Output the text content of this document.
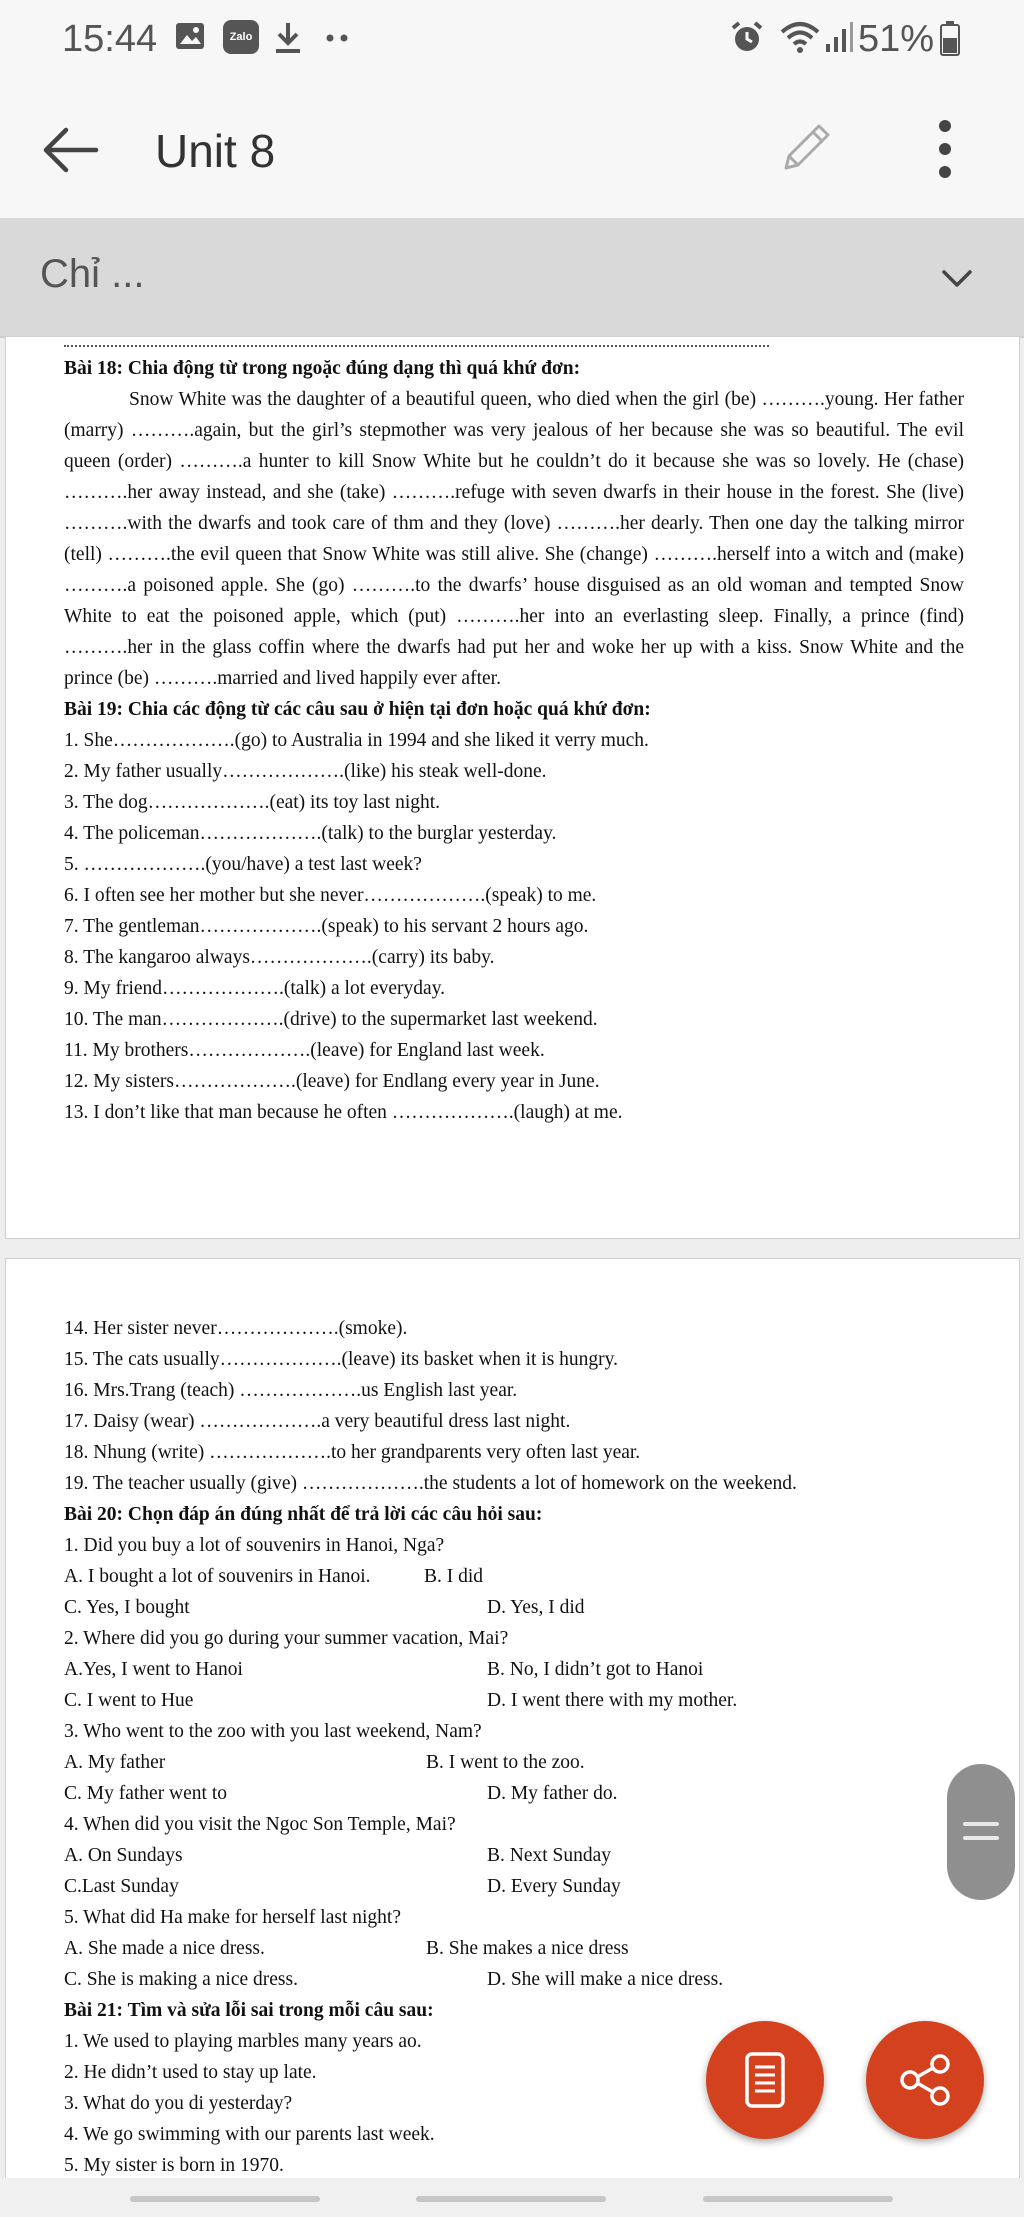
15:44	Zalo	51%
Unit 8
Chỉ ...
Bài 18: Chia động từ trong ngoặc đúng dạng thì quá khứ đơn:

Snow White was the daughter of a beautiful queen, who died when the girl (be) ……….young. Her father (marry) ……….again, but the girl’s stepmother was very jealous of her because she was so beautiful. The evil queen (order) ……….a hunter to kill Snow White but he couldn’t do it because she was so lovely. He (chase) ……….her away instead, and she (take) ……….refuge with seven dwarfs in their house in the forest. She (live) ……….with the dwarfs and took care of thm and they (love) ……….her dearly. Then one day the talking mirror (tell) ……….the evil queen that Snow White was still alive. She (change) ……….herself into a witch and (make) ……….a poisoned apple. She (go) ……….to the dwarfs’ house disguised as an old woman and tempted Snow White to eat the poisoned apple, which (put) ……….her into an everlasting sleep. Finally, a prince (find) ……….her in the glass coffin where the dwarfs had put her and woke her up with a kiss. Snow White and the prince (be) ……….married and lived happily ever after.

Bài 19: Chia các động từ các câu sau ở hiện tại đơn hoặc quá khứ đơn:
1. She……………….(go) to Australia in 1994 and she liked it verry much.
2. My father usually……………….(like) his steak well-done.
3. The dog……………….(eat) its toy last night.
4. The policeman……………….(talk) to the burglar yesterday.
5. ……………….(you/have) a test last week?
6. I often see her mother but she never……………….(speak) to me.
7. The gentleman……………….(speak) to his servant 2 hours ago.
8. The kangaroo always……………….(carry) its baby.
9. My friend……………….(talk) a lot everyday.
10. The man……………….(drive) to the supermarket last weekend.
11. My brothers……………….(leave) for England last week.
12. My sisters……………….(leave) for Endlang every year in June.
13. I don’t like that man because he often ……………….(laugh) at me.
14. Her sister never……………….(smoke).
15. The cats usually……………….(leave) its basket when it is hungry.
16. Mrs.Trang (teach) ……………….us English last year.
17. Daisy (wear) ……………….a very beautiful dress last night.
18. Nhung (write) ……………….to her grandparents very often last year.
19. The teacher usually (give) ……………….the students a lot of homework on the weekend.
Bài 20: Chọn đáp án đúng nhất để trả lời các câu hỏi sau:
1. Did you buy a lot of souvenirs in Hanoi, Nga?
A. I bought a lot of souvenirs in Hanoi.	B. I did
C. Yes, I bought	D. Yes, I did
2. Where did you go during your summer vacation, Mai?
A.Yes, I went to Hanoi	B. No, I didn’t got to Hanoi
C. I went to Hue	D. I went there with my mother.
3. Who went to the zoo with you last weekend, Nam?
A. My father	B. I went to the zoo.
C. My father went to	D. My father do.
4. When did you visit the Ngoc Son Temple, Mai?
A. On Sundays	B. Next Sunday
C.Last Sunday	D. Every Sunday
5. What did Ha make for herself last night?
A. She made a nice dress.	B. She makes a nice dress
C. She is making a nice dress.	D. She will make a nice dress.
Bài 21: Tìm và sửa lỗi sai trong mỗi câu sau:
1. We used to playing marbles many years ao.
2. He didn’t used to stay up late.
3. What do you di yesterday?
4. We go swimming with our parents last week.
5. My sister is born in 1970.
